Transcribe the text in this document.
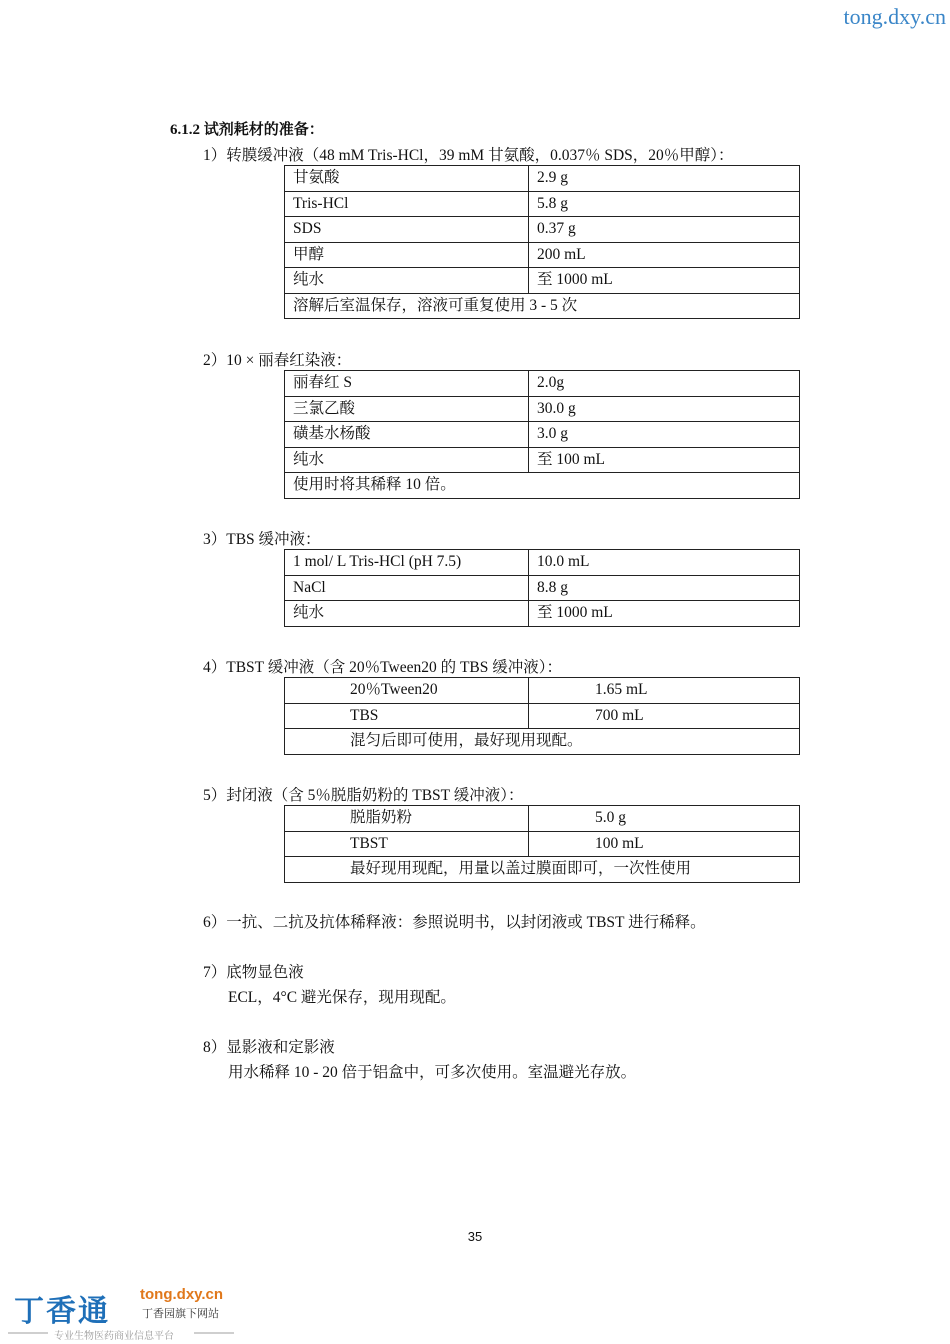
tong.dxy.cn
6.1.2 试剂耗材的准备：
1）转膜缓冲液（48 mM Tris-HCl，39 mM 甘氨酸，0.037％ SDS，20％甲醇）：
甘氨酸	2.9 g
Tris-HCl	5.8 g
SDS	0.37 g
甲醇	200 mL
纯水	至 1000 mL
溶解后室温保存，溶液可重复使用 3 - 5 次	
2）10 × 丽春红染液：
丽春红 S	2.0g
三氯乙酸	30.0 g
磺基水杨酸	3.0 g
纯水	至 100 mL
使用时将其稀释 10 倍。	
3）TBS 缓冲液：
1 mol/ L Tris-HCl (pH 7.5)	10.0 mL
NaCl	8.8 g
纯水	至 1000 mL
4）TBST 缓冲液（含 20％Tween20 的 TBS 缓冲液）：
20％Tween20	1.65 mL
TBS	700 mL
混匀后即可使用，最好现用现配。	
5）封闭液（含 5％脱脂奶粉的 TBST 缓冲液）：
脱脂奶粉	5.0 g
TBST	100 mL
最好现用现配，用量以盖过膜面即可，一次性使用	
6）一抗、二抗及抗体稀释液：参照说明书，以封闭液或 TBST 进行稀释。
7）底物显色液
ECL，4°C 避光保存，现用现配。
8）显影液和定影液
用水稀释 10 - 20 倍于铝盒中，可多次使用。室温避光存放。
35
丁香通 tong.dxy.cn
丁香园旗下网站
专业生物医药商业信息平台
